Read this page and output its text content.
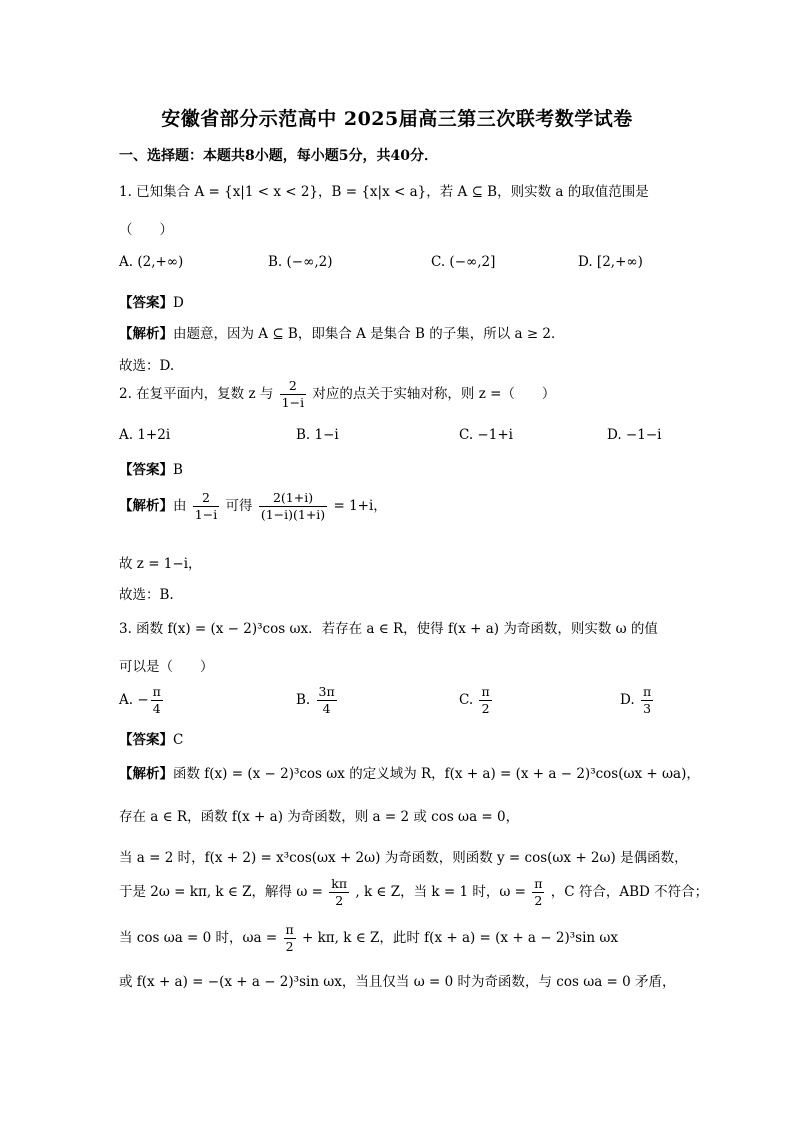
安徽省部分示范高中 2025届高三第三次联考数学试卷
一、选择题：本题共8小题，每小题5分，共40分．
1. 已知集合 A = {x|1 < x < 2}，B = {x|x < a}，若 A ⊆ B，则实数 a 的取值范围是
（　　）
A. (2,+∞)	B. (−∞,2)	C. (−∞,2]	D. [2,+∞)
【答案】D
【解析】由题意，因为 A ⊆ B，即集合 A 是集合 B 的子集，所以 a ≥ 2．
故选：D.
2. 在复平面内，复数 z 与 $\frac{2}{1-i}$ 对应的点关于实轴对称，则 z =（　　）
A. 1+2i	B. 1−i	C. −1+i	D. −1−i
【答案】B
【解析】由 $\frac{2}{1-i}$ 可得 $\frac{2(1+i)}{(1-i)(1+i)} = 1+i$，
故 z = 1−i，
故选：B.
3. 函数 f(x) = (x − 2)³cos ωx．若存在 a ∈ R，使得 f(x + a) 为奇函数，则实数 ω 的值
可以是（　　）
A. − $\frac{\pi}{4}$	B. $\frac{3\pi}{4}$	C. $\frac{\pi}{2}$	D. $\frac{\pi}{3}$
【答案】C
【解析】函数 f(x) = (x − 2)³cos ωx 的定义域为 R，f(x + a) = (x + a − 2)³cos(ωx + ωa)，
存在 a ∈ R，函数 f(x + a) 为奇函数，则 a = 2 或 cos ωa = 0，
当 a = 2 时，f(x + 2) = x³cos(ωx + 2ω) 为奇函数，则函数 y = cos(ωx + 2ω) 是偶函数，
于是 2ω = kπ, k ∈ Z，解得 $\omega = \frac{k\pi}{2}$ , k ∈ Z，当 k = 1 时，$\omega = \frac{\pi}{2}$ ，C 符合，ABD 不符合；
当 cos ωa = 0 时，$\omega a = \frac{\pi}{2} + k\pi$, k ∈ Z，此时 f(x + a) = (x + a − 2)³sin ωx
或 f(x + a) = −(x + a − 2)³sin ωx，当且仅当 ω = 0 时为奇函数，与 cos ωa = 0 矛盾，
